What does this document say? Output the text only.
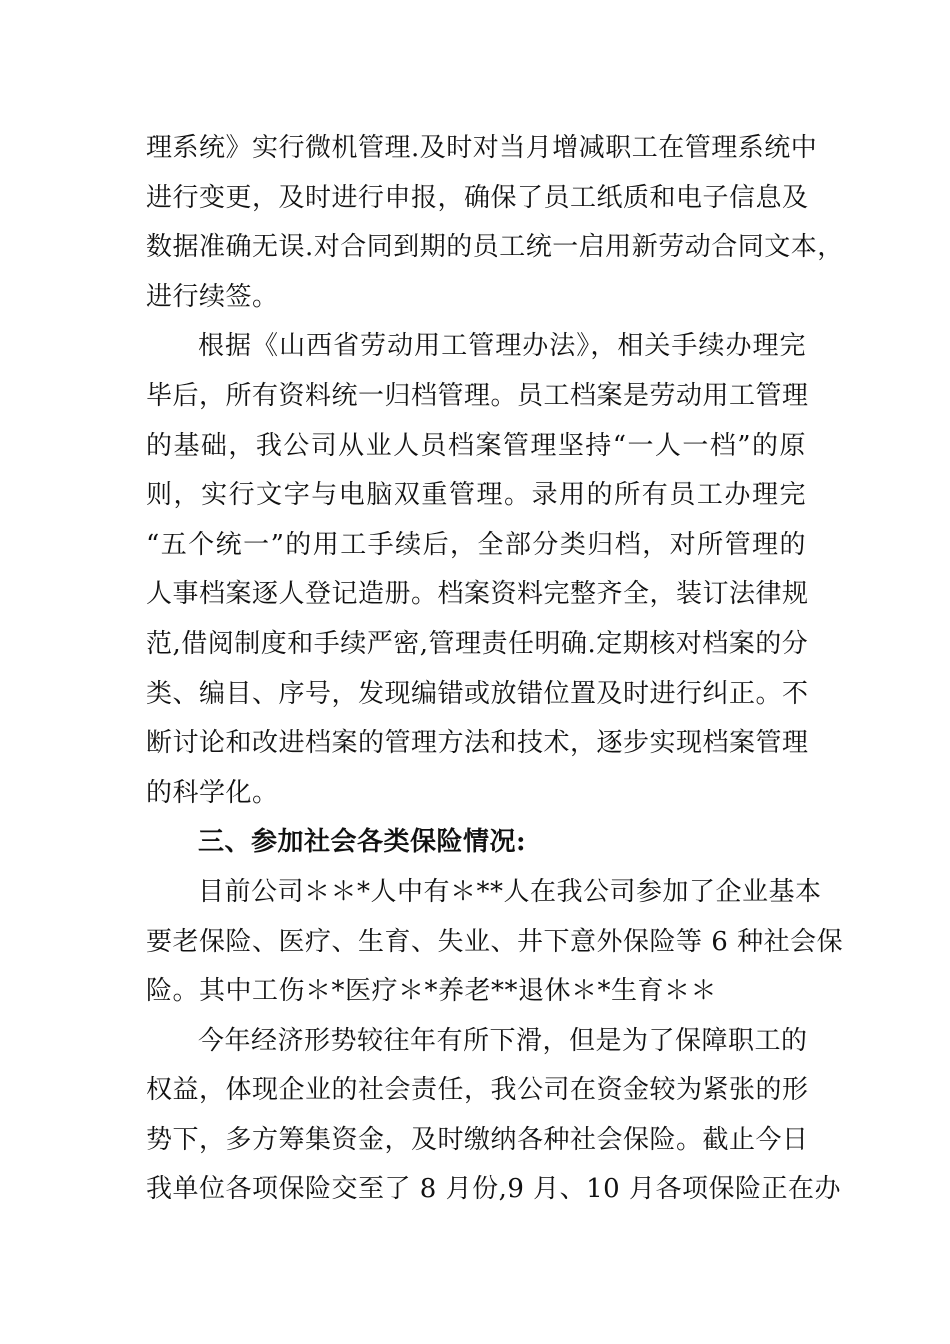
理系统》实行微机管理.及时对当月增减职工在管理系统中
进行变更，及时进行申报，确保了员工纸质和电子信息及
数据准确无误.对合同到期的员工统一启用新劳动合同文本，
进行续签。
根据《山西省劳动用工管理办法》，相关手续办理完
毕后，所有资料统一归档管理。员工档案是劳动用工管理
的基础，我公司从业人员档案管理坚持“一人一档”的原
则，实行文字与电脑双重管理。录用的所有员工办理完
“五个统一”的用工手续后，全部分类归档，对所管理的
人事档案逐人登记造册。档案资料完整齐全，装订法律规
范,借阅制度和手续严密,管理责任明确.定期核对档案的分
类、编目、序号，发现编错或放错位置及时进行纠正。不
断讨论和改进档案的管理方法和技术，逐步实现档案管理
的科学化。
三、参加社会各类保险情况:
目前公司＊＊*人中有＊**人在我公司参加了企业基本
要老保险、医疗、生育、失业、井下意外保险等 6 种社会保
险。其中工伤＊*医疗＊*养老**退休＊*生育＊＊
今年经济形势较往年有所下滑，但是为了保障职工的
权益，体现企业的社会责任，我公司在资金较为紧张的形
势下，多方筹集资金，及时缴纳各种社会保险。截止今日
我单位各项保险交至了 8 月份,9 月、10 月各项保险正在办
